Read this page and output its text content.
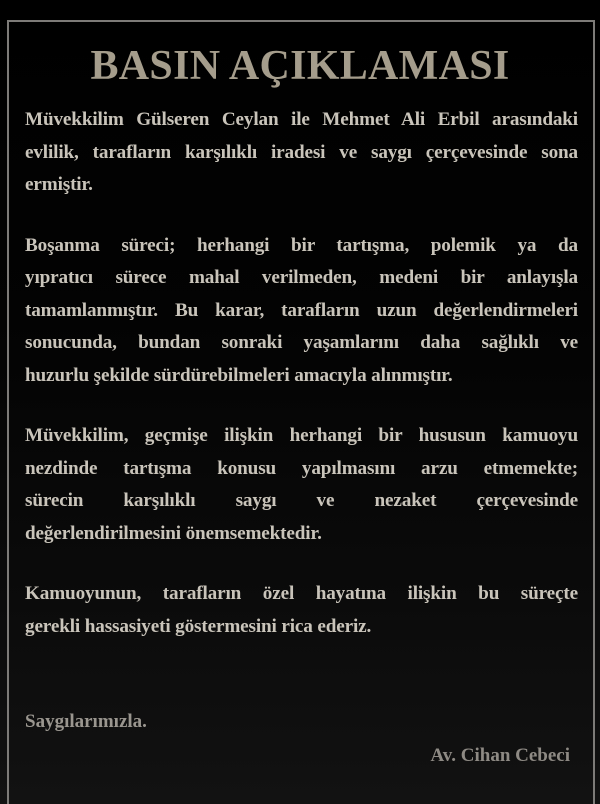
BASIN AÇIKLAMASI

Müvekkilim Gülseren Ceylan ile Mehmet Ali Erbil arasındaki
evlilik, tarafların karşılıklı iradesi ve saygı çerçevesinde sona
ermiştir.

Boşanma süreci; herhangi bir tartışma, polemik ya da
yıpratıcı sürece mahal verilmeden, medeni bir anlayışla
tamamlanmıştır. Bu karar, tarafların uzun değerlendirmeleri
sonucunda, bundan sonraki yaşamlarını daha sağlıklı ve
huzurlu şekilde sürdürebilmeleri amacıyla alınmıştır.

Müvekkilim, geçmişe ilişkin herhangi bir hususun kamuoyu
nezdinde tartışma konusu yapılmasını arzu etmemekte;
sürecin karşılıklı saygı ve nezaket çerçevesinde
değerlendirilmesini önemsemektedir.

Kamuoyunun, tarafların özel hayatına ilişkin bu süreçte
gerekli hassasiyeti göstermesini rica ederiz.

Saygılarımızla.

Av. Cihan Cebeci
